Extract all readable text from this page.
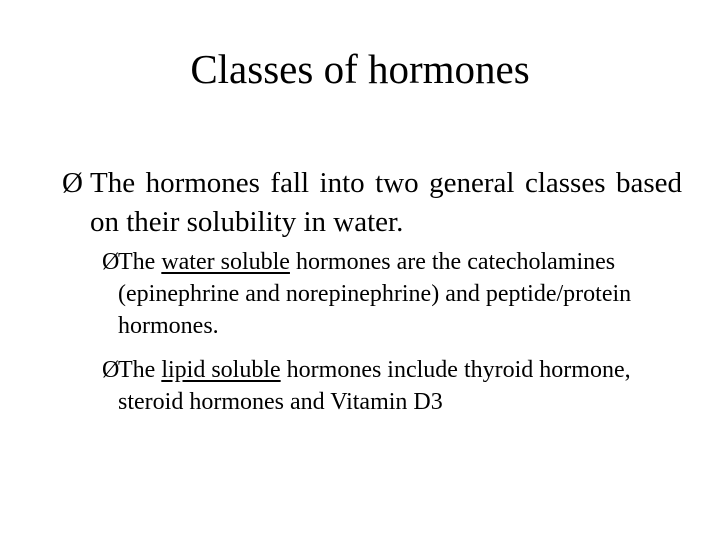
Classes of hormones
Ø The hormones fall into two general classes based on their solubility in water.
Ø
The water soluble hormones are the catecholamines (epinephrine and norepinephrine) and peptide/protein hormones.
Ø
The lipid soluble hormones include thyroid hormone, steroid hormones and Vitamin D3
